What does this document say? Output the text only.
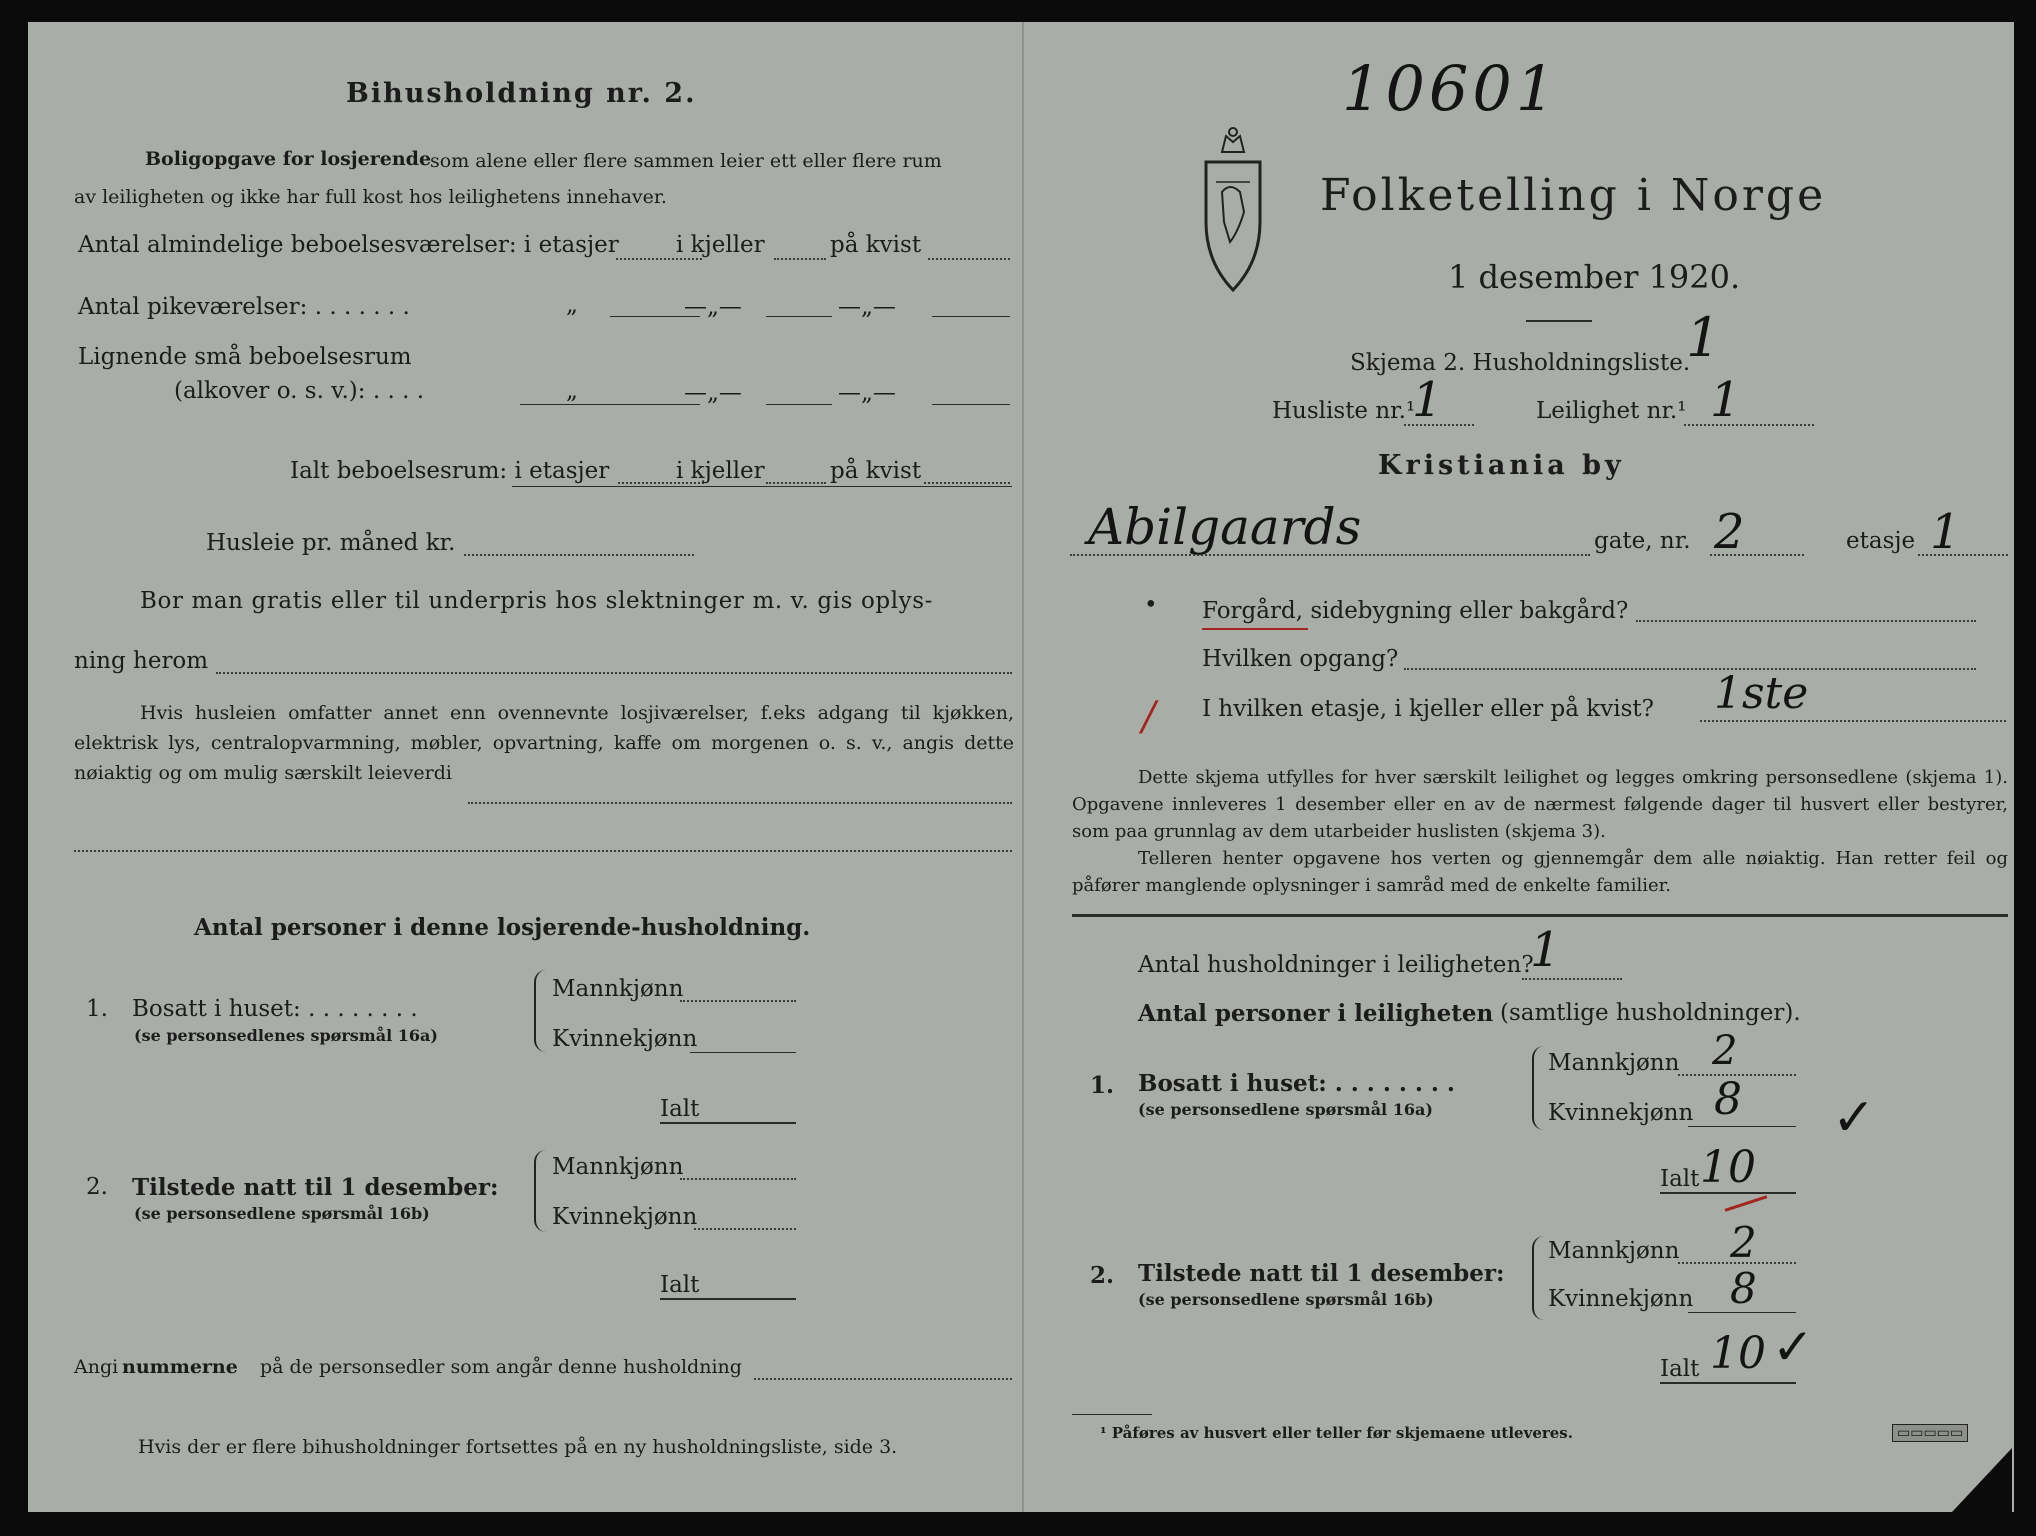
Bihusholdning nr. 2.
Boligopgave for losjerende
som alene eller flere sammen leier ett eller flere rum
av leiligheten og ikke har full kost hos leilighetens innehaver.
Antal almindelige beboelsesværelser: i etasjer i kjeller	på kvist
Antal pikeværelser: . . . . . . .	„	—„—	—„—
Lignende små beboelsesrum
(alkover o. s. v.): . . . .	„	—„—	—„—
Ialt beboelsesrum: i etasjer	i kjeller	på kvist
Husleie pr. måned kr.
Bor man gratis eller til underpris hos slektninger m. v. gis oplys-
ning herom
Hvis husleien omfatter annet enn ovennevnte losjiværelser, f.eks adgang til kjøkken, elektrisk lys, centralopvarmning, møbler, opvartning, kaffe om morgenen o. s. v., angis dette nøiaktig og om mulig særskilt leieverdi
Antal personer i denne losjerende-husholdning.
1. Bosatt i huset: . . . . . . . .
(se personsedlenes spørsmål 16a)
Mannkjønn
Kvinnekjønn
Ialt
2. Tilstede natt til 1 desember:
(se personsedlene spørsmål 16b)
Mannkjønn
Kvinnekjønn
Ialt
Angi nummerne på de personsedler som angår denne husholdning
Hvis der er flere bihusholdninger fortsettes på en ny husholdningsliste, side 3.
10601
Folketelling i Norge
1 desember 1920.
Skjema 2. Husholdningsliste.
1
Husliste nr.¹
1	Leilighet nr.¹ 1
Kristiania by
Abilgaards	gate, nr. 2	etasje 1
• Forgård, sidebygning eller bakgård?
Hvilken opgang?
/ I hvilken etasje, i kjeller eller på kvist? 1ste
Dette skjema utfylles for hver særskilt leilighet og legges omkring personsedlene (skjema 1). Opgavene innleveres 1 desember eller en av de nærmest følgende dager til husvert eller bestyrer, som paa grunnlag av dem utarbeider huslisten (skjema 3).
Telleren henter opgavene hos verten og gjennemgår dem alle nøiaktig. Han retter feil og påfører manglende oplysninger i samråd med de enkelte familier.
Antal husholdninger i leiligheten?
1
Antal personer i leiligheten (samtlige husholdninger).
1. Bosatt i huset: . . . . . . . .
(se personsedlene spørsmål 16a)
Mannkjønn 2
Kvinnekjønn 8 ✓
Ialt 10
2. Tilstede natt til 1 desember:
(se personsedlene spørsmål 16b)
Mannkjønn 2
Kvinnekjønn 8
Ialt 10 ✓
¹ Påføres av husvert eller teller før skjemaene utleveres.	▭▭▭▭▭
